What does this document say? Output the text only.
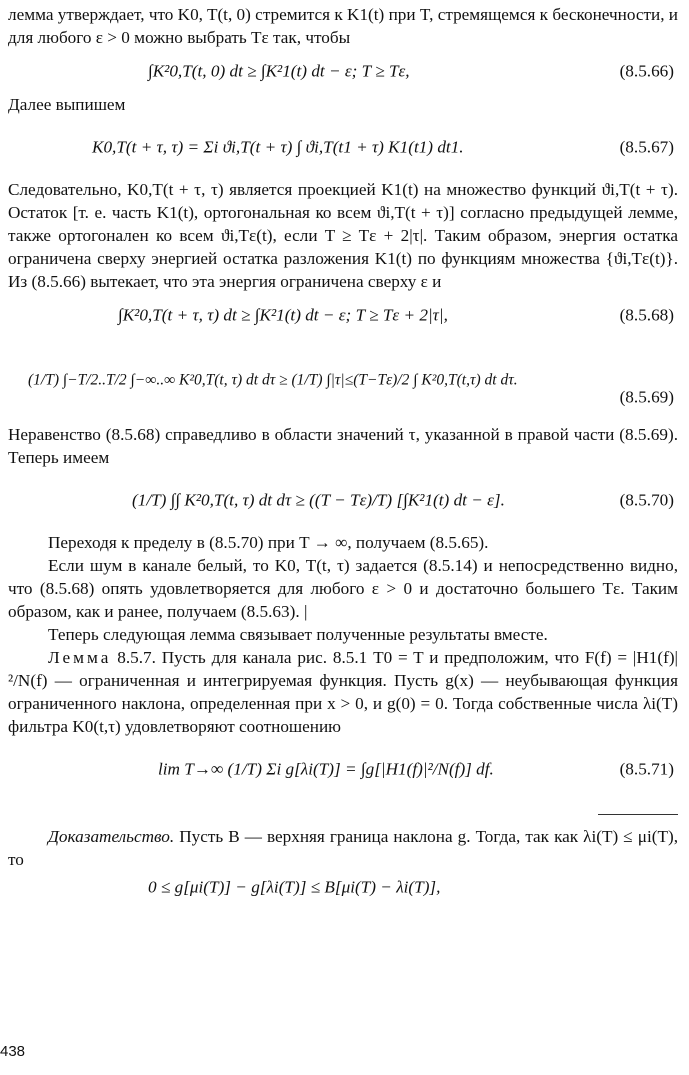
лемма утверждает, что K0, T(t, 0) стремится к K1(t) при T, стремящемся к бесконечности, и для любого ε > 0 можно выбрать Tε так, чтобы

∫K²0,T(t, 0) dt ≥ ∫K²1(t) dt − ε; T ≥ Tε,	(8.5.66)

Далее выпишем

K0,T(t + τ, τ) = Σi ϑi,T(t + τ) ∫ ϑi,T(t1 + τ) K1(t1) dt1.	(8.5.67)

Следовательно, K0,T(t + τ, τ) является проекцией K1(t) на множество функций ϑi,T(t + τ). Остаток [т. е. часть K1(t), ортогональная ко всем ϑi,T(t + τ)] согласно предыдущей лемме, также ортогонален ко всем ϑi,Tε(t), если T ≥ Tε + 2|τ|. Таким образом, энергия остатка ограничена сверху энергией остатка разложения K1(t) по функциям множества {ϑi,Tε(t)}. Из (8.5.66) вытекает, что эта энергия ограничена сверху ε и

∫K²0,T(t + τ, τ) dt ≥ ∫K²1(t) dt − ε; T ≥ Tε + 2|τ|,	(8.5.68)
(1/T) ∫−T/2..T/2 ∫−∞..∞ K²0,T(t, τ) dt dτ ≥ (1/T) ∫|τ|≤(T−Tε)/2 ∫ K²0,T(t,τ) dt dτ.
(8.5.69)

Неравенство (8.5.68) справедливо в области значений τ, указанной в правой части (8.5.69). Теперь имеем

(1/T) ∫∫ K²0,T(t, τ) dt dτ ≥ ((T − Tε)/T) [∫K²1(t) dt − ε].	(8.5.70)

Переходя к пределу в (8.5.70) при T → ∞, получаем (8.5.65).

Если шум в канале белый, то K0, T(t, τ) задается (8.5.14) и непосредственно видно, что (8.5.68) опять удовлетворяется для любого ε > 0 и достаточно большего Tε. Таким образом, как и ранее, получаем (8.5.63). |

Теперь следующая лемма связывает полученные результаты вместе.

Лемма 8.5.7. Пусть для канала рис. 8.5.1 T0 = T и предположим, что F(f) = |H1(f)|²/N(f) — ограниченная и интегрируемая функция. Пусть g(x) — неубывающая функция ограниченного наклона, определенная при x > 0, и g(0) = 0. Тогда собственные числа λi(T) фильтра K0(t,τ) удовлетворяют соотношению

lim T→∞ (1/T) Σi g[λi(T)] = ∫g[|H1(f)|²/N(f)] df.	(8.5.71)

Доказательство. Пусть B — верхняя граница наклона g. Тогда, так как λi(T) ≤ μi(T), то

0 ≤ g[μi(T)] − g[λi(T)] ≤ B[μi(T) − λi(T)],
438
